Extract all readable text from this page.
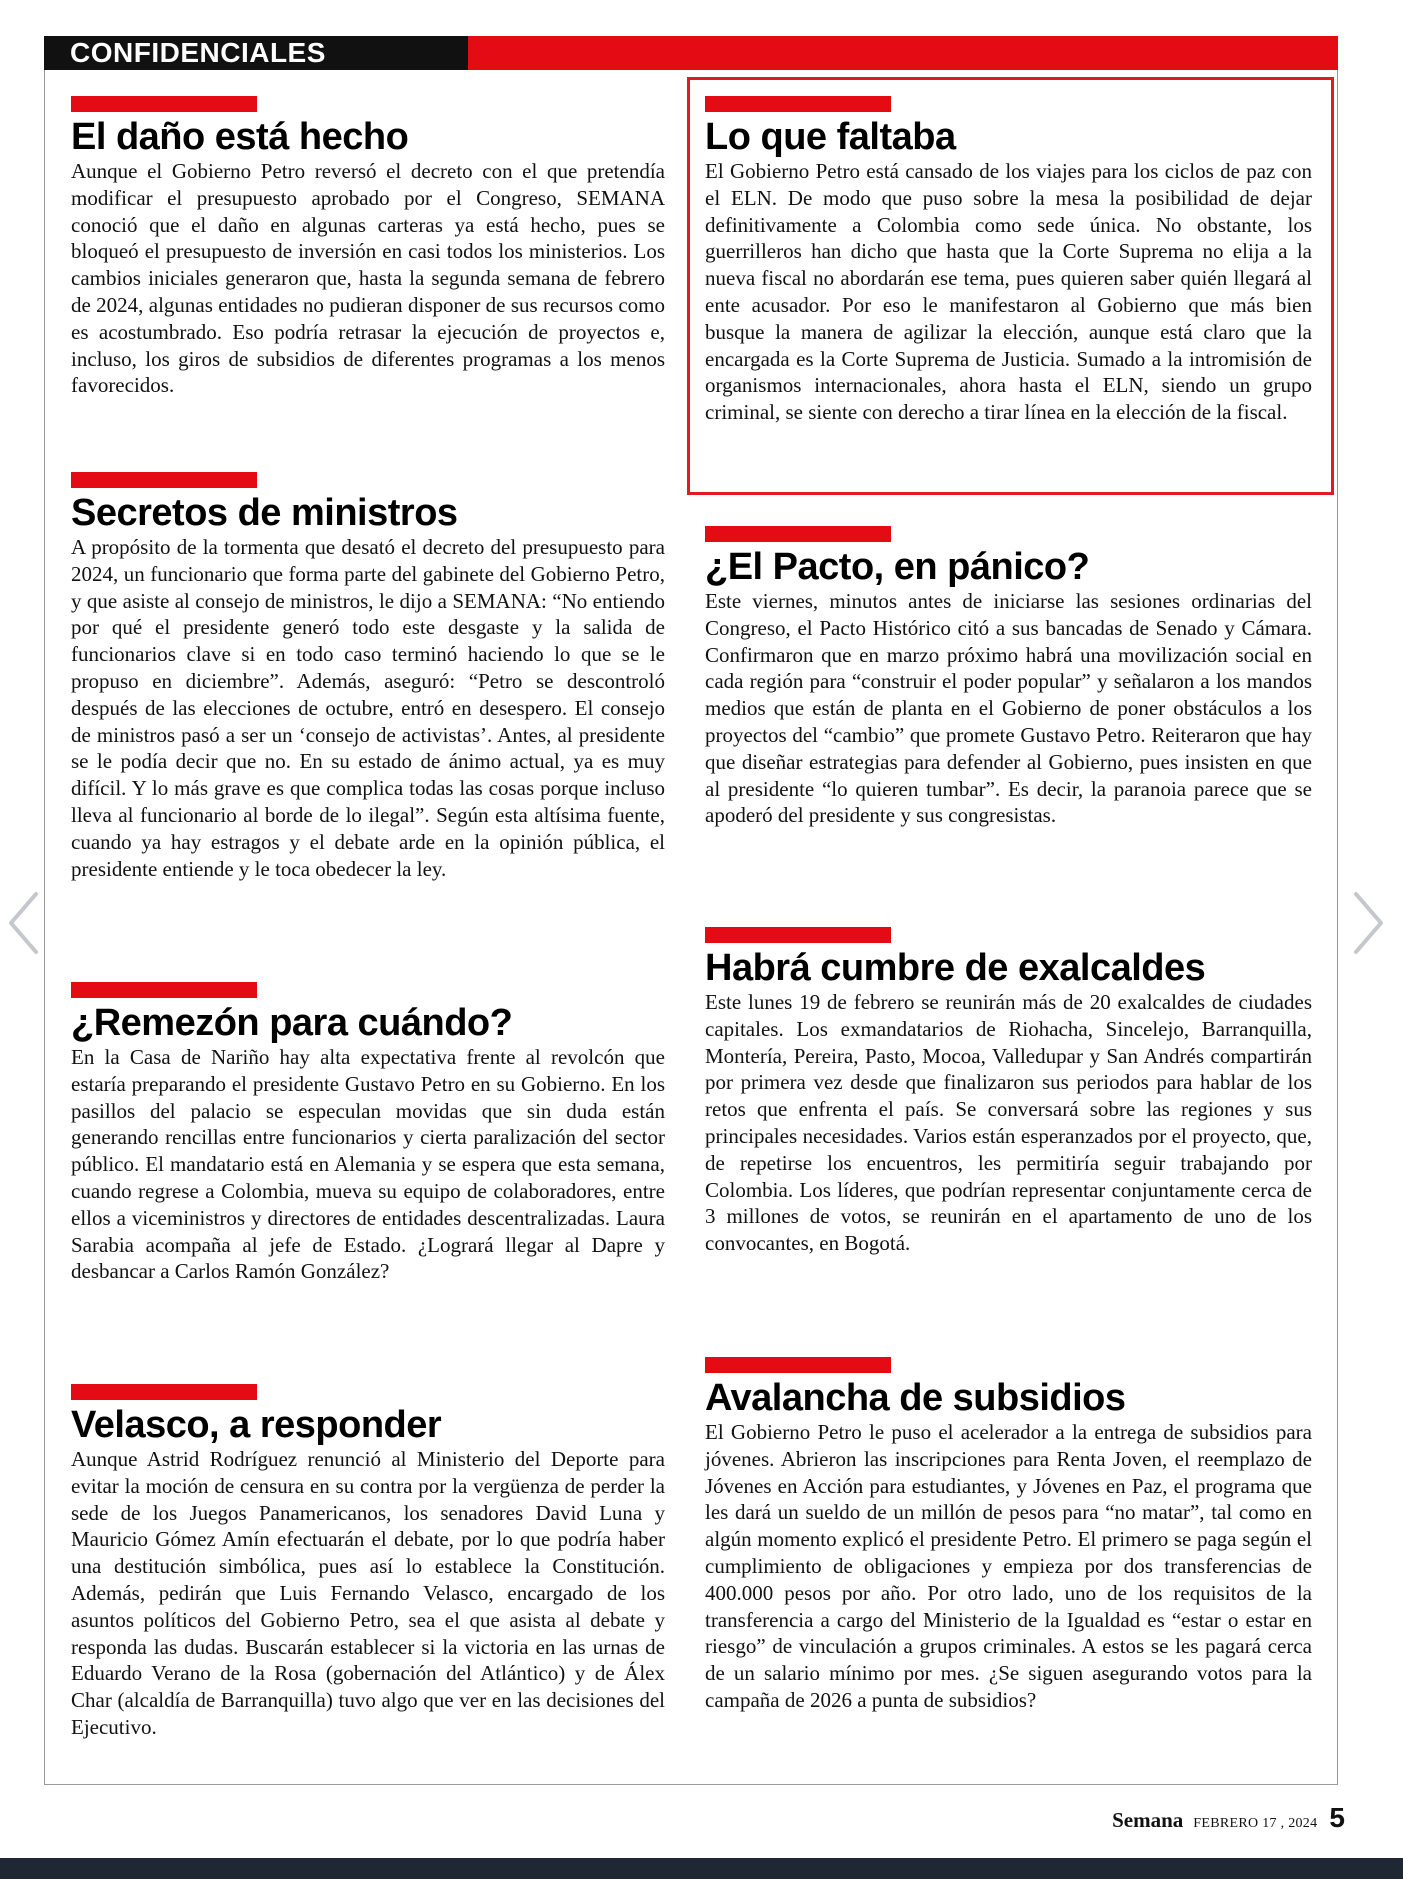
CONFIDENCIALES
El daño está hecho

Aunque el Gobierno Petro reversó el decreto con el que pretendía modificar el presupuesto aprobado por el Congreso, SEMANA conoció que el daño en algunas carteras ya está hecho, pues se bloqueó el presupuesto de inversión en casi todos los ministerios. Los cambios iniciales generaron que, hasta la segunda semana de febrero de 2024, algunas entidades no pudieran disponer de sus recursos como es acostumbrado. Eso podría retrasar la ejecución de proyectos e, incluso, los giros de subsidios de diferentes programas a los menos favorecidos.

Secretos de ministros

A propósito de la tormenta que desató el decreto del presupuesto para 2024, un funcionario que forma parte del gabinete del Gobierno Petro, y que asiste al consejo de ministros, le dijo a SEMANA: “No entiendo por qué el presidente generó todo este desgaste y la salida de funcionarios clave si en todo caso terminó haciendo lo que se le propuso en diciembre”. Además, aseguró: “Petro se descontroló después de las elecciones de octubre, entró en desespero. El consejo de ministros pasó a ser un ‘consejo de activistas’. Antes, al presidente se le podía decir que no. En su estado de ánimo actual, ya es muy difícil. Y lo más grave es que complica todas las cosas porque incluso lleva al funcionario al borde de lo ilegal”. Según esta altísima fuente, cuando ya hay estragos y el debate arde en la opinión pública, el presidente entiende y le toca obedecer la ley.

¿Remezón para cuándo?

En la Casa de Nariño hay alta expectativa frente al revolcón que estaría preparando el presidente Gustavo Petro en su Gobierno. En los pasillos del palacio se especulan movidas que sin duda están generando rencillas entre funcionarios y cierta paralización del sector público. El mandatario está en Alemania y se espera que esta semana, cuando regrese a Colombia, mueva su equipo de colaboradores, entre ellos a viceministros y directores de entidades descentralizadas. Laura Sarabia acompaña al jefe de Estado. ¿Logrará llegar al Dapre y desbancar a Carlos Ramón González?

Velasco, a responder

Aunque Astrid Rodríguez renunció al Ministerio del Deporte para evitar la moción de censura en su contra por la vergüenza de perder la sede de los Juegos Panamericanos, los senadores David Luna y Mauricio Gómez Amín efectuarán el debate, por lo que podría haber una destitución simbólica, pues así lo establece la Constitución. Además, pedirán que Luis Fernando Velasco, encargado de los asuntos políticos del Gobierno Petro, sea el que asista al debate y responda las dudas. Buscarán establecer si la victoria en las urnas de Eduardo Verano de la Rosa (gobernación del Atlántico) y de Álex Char (alcaldía de Barranquilla) tuvo algo que ver en las decisiones del Ejecutivo.

Lo que faltaba

El Gobierno Petro está cansado de los viajes para los ciclos de paz con el ELN. De modo que puso sobre la mesa la posibilidad de dejar definitivamente a Colombia como sede única. No obstante, los guerrilleros han dicho que hasta que la Corte Suprema no elija a la nueva fiscal no abordarán ese tema, pues quieren saber quién llegará al ente acusador. Por eso le manifestaron al Gobierno que más bien busque la manera de agilizar la elección, aunque está claro que la encargada es la Corte Suprema de Justicia. Sumado a la intromisión de organismos internacionales, ahora hasta el ELN, siendo un grupo criminal, se siente con derecho a tirar línea en la elección de la fiscal.

¿El Pacto, en pánico?

Este viernes, minutos antes de iniciarse las sesiones ordinarias del Congreso, el Pacto Histórico citó a sus bancadas de Senado y Cámara. Confirmaron que en marzo próximo habrá una movilización social en cada región para “construir el poder popular” y señalaron a los mandos medios que están de planta en el Gobierno de poner obstáculos a los proyectos del “cambio” que promete Gustavo Petro. Reiteraron que hay que diseñar estrategias para defender al Gobierno, pues insisten en que al presidente “lo quieren tumbar”. Es decir, la paranoia parece que se apoderó del presidente y sus congresistas.

Habrá cumbre de exalcaldes

Este lunes 19 de febrero se reunirán más de 20 exalcaldes de ciudades capitales. Los exmandatarios de Riohacha, Sincelejo, Barranquilla, Montería, Pereira, Pasto, Mocoa, Valledupar y San Andrés compartirán por primera vez desde que finalizaron sus periodos para hablar de los retos que enfrenta el país. Se conversará sobre las regiones y sus principales necesidades. Varios están esperanzados por el proyecto, que, de repetirse los encuentros, les permitiría seguir trabajando por Colombia. Los líderes, que podrían representar conjuntamente cerca de 3 millones de votos, se reunirán en el apartamento de uno de los convocantes, en Bogotá.

Avalancha de subsidios

El Gobierno Petro le puso el acelerador a la entrega de subsidios para jóvenes. Abrieron las inscripciones para Renta Joven, el reemplazo de Jóvenes en Acción para estudiantes, y Jóvenes en Paz, el programa que les dará un sueldo de un millón de pesos para “no matar”, tal como en algún momento explicó el presidente Petro. El primero se paga según el cumplimiento de obligaciones y empieza por dos transferencias de 400.000 pesos por año. Por otro lado, uno de los requisitos de la transferencia a cargo del Ministerio de la Igualdad es “estar o estar en riesgo” de vinculación a grupos criminales. A estos se les pagará cerca de un salario mínimo por mes. ¿Se siguen asegurando votos para la campaña de 2026 a punta de subsidios?

Semana FEBRERO 17 , 2024 5
